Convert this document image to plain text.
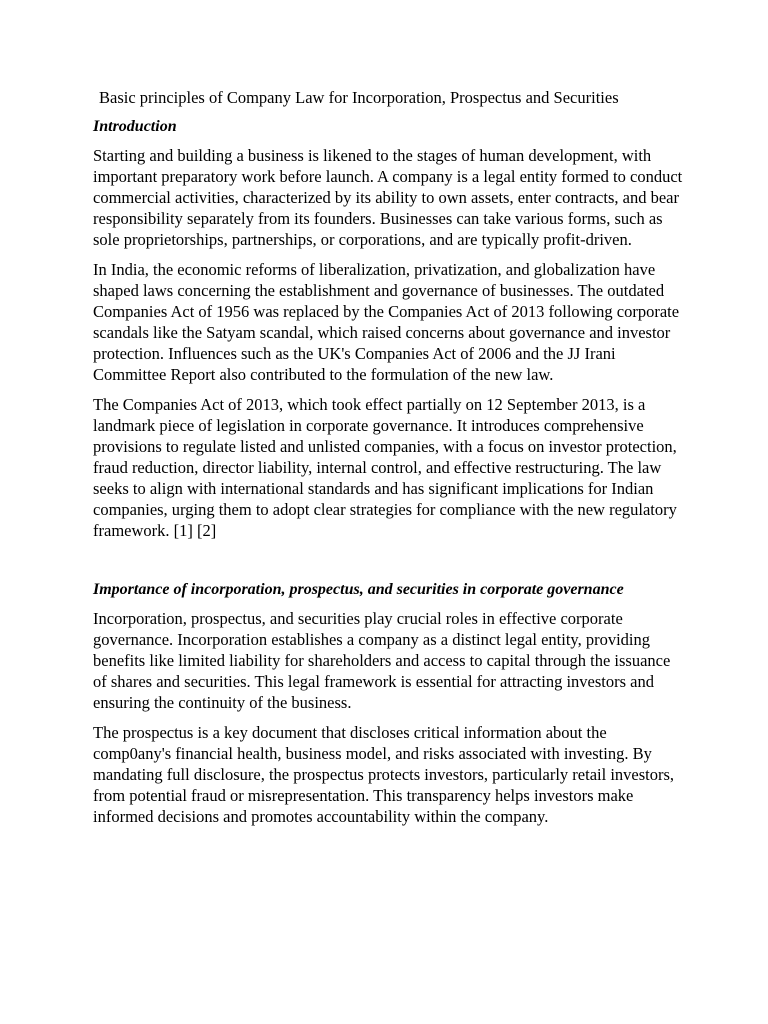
Basic principles of Company Law for Incorporation, Prospectus and Securities
Introduction

Starting and building a business is likened to the stages of human development, with important preparatory work before launch. A company is a legal entity formed to conduct commercial activities, characterized by its ability to own assets, enter contracts, and bear responsibility separately from its founders. Businesses can take various forms, such as sole proprietorships, partnerships, or corporations, and are typically profit-driven.

In India, the economic reforms of liberalization, privatization, and globalization have shaped laws concerning the establishment and governance of businesses. The outdated Companies Act of 1956 was replaced by the Companies Act of 2013 following corporate scandals like the Satyam scandal, which raised concerns about governance and investor protection. Influences such as the UK's Companies Act of 2006 and the JJ Irani Committee Report also contributed to the formulation of the new law.

The Companies Act of 2013, which took effect partially on 12 September 2013, is a landmark piece of legislation in corporate governance. It introduces comprehensive provisions to regulate listed and unlisted companies, with a focus on investor protection, fraud reduction, director liability, internal control, and effective restructuring. The law seeks to align with international standards and has significant implications for Indian companies, urging them to adopt clear strategies for compliance with the new regulatory framework. [1] [2]

Importance of incorporation, prospectus, and securities in corporate governance

Incorporation, prospectus, and securities play crucial roles in effective corporate governance. Incorporation establishes a company as a distinct legal entity, providing benefits like limited liability for shareholders and access to capital through the issuance of shares and securities. This legal framework is essential for attracting investors and ensuring the continuity of the business.

The prospectus is a key document that discloses critical information about the comp0any's financial health, business model, and risks associated with investing. By mandating full disclosure, the prospectus protects investors, particularly retail investors, from potential fraud or misrepresentation. This transparency helps investors make informed decisions and promotes accountability within the company.
